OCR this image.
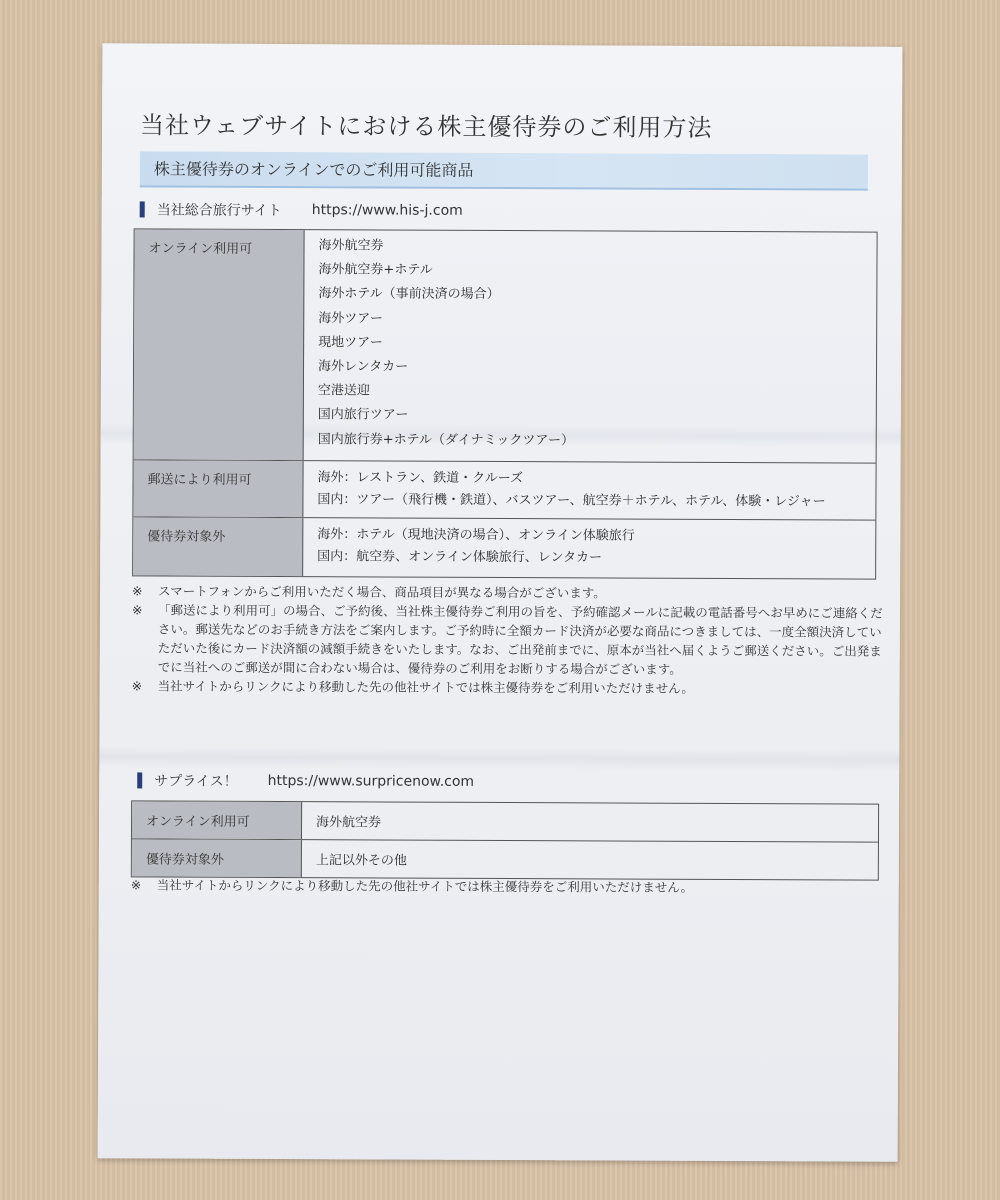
当社ウェブサイトにおける株主優待券のご利用方法
株主優待券のオンラインでのご利用可能商品
当社総合旅行サイト https://www.his-j.com
オンライン利用可	海外航空券
海外航空券+ホテル
海外ホテル（事前決済の場合）
海外ツアー
現地ツアー
海外レンタカー
空港送迎
国内旅行ツアー
国内旅行券+ホテル（ダイナミックツアー）
郵送により利用可	海外：レストラン、鉄道・クルーズ
国内：ツアー（飛行機・鉄道）、バスツアー、航空券＋ホテル、ホテル、体験・レジャー
優待券対象外	海外：ホテル（現地決済の場合）、オンライン体験旅行
国内：航空券、オンライン体験旅行、レンタカー
※	スマートフォンからご利用いただく場合、商品項目が異なる場合がございます。
※	「郵送により利用可」の場合、ご予約後、当社株主優待券ご利用の旨を、予約確認メールに記載の電話番号へお早めにご連絡ください。郵送先などのお手続き方法をご案内します。ご予約時に全額カード決済が必要な商品につきましては、一度全額決済していただいた後にカード決済額の減額手続きをいたします。なお、ご出発前までに、原本が当社へ届くようご郵送ください。ご出発までに当社へのご郵送が間に合わない場合は、優待券のご利用をお断りする場合がございます。
※	当社サイトからリンクにより移動した先の他社サイトでは株主優待券をご利用いただけません。
サプライス！ https://www.surpricenow.com
オンライン利用可	海外航空券
優待券対象外	上記以外その他
※	当社サイトからリンクにより移動した先の他社サイトでは株主優待券をご利用いただけません。
